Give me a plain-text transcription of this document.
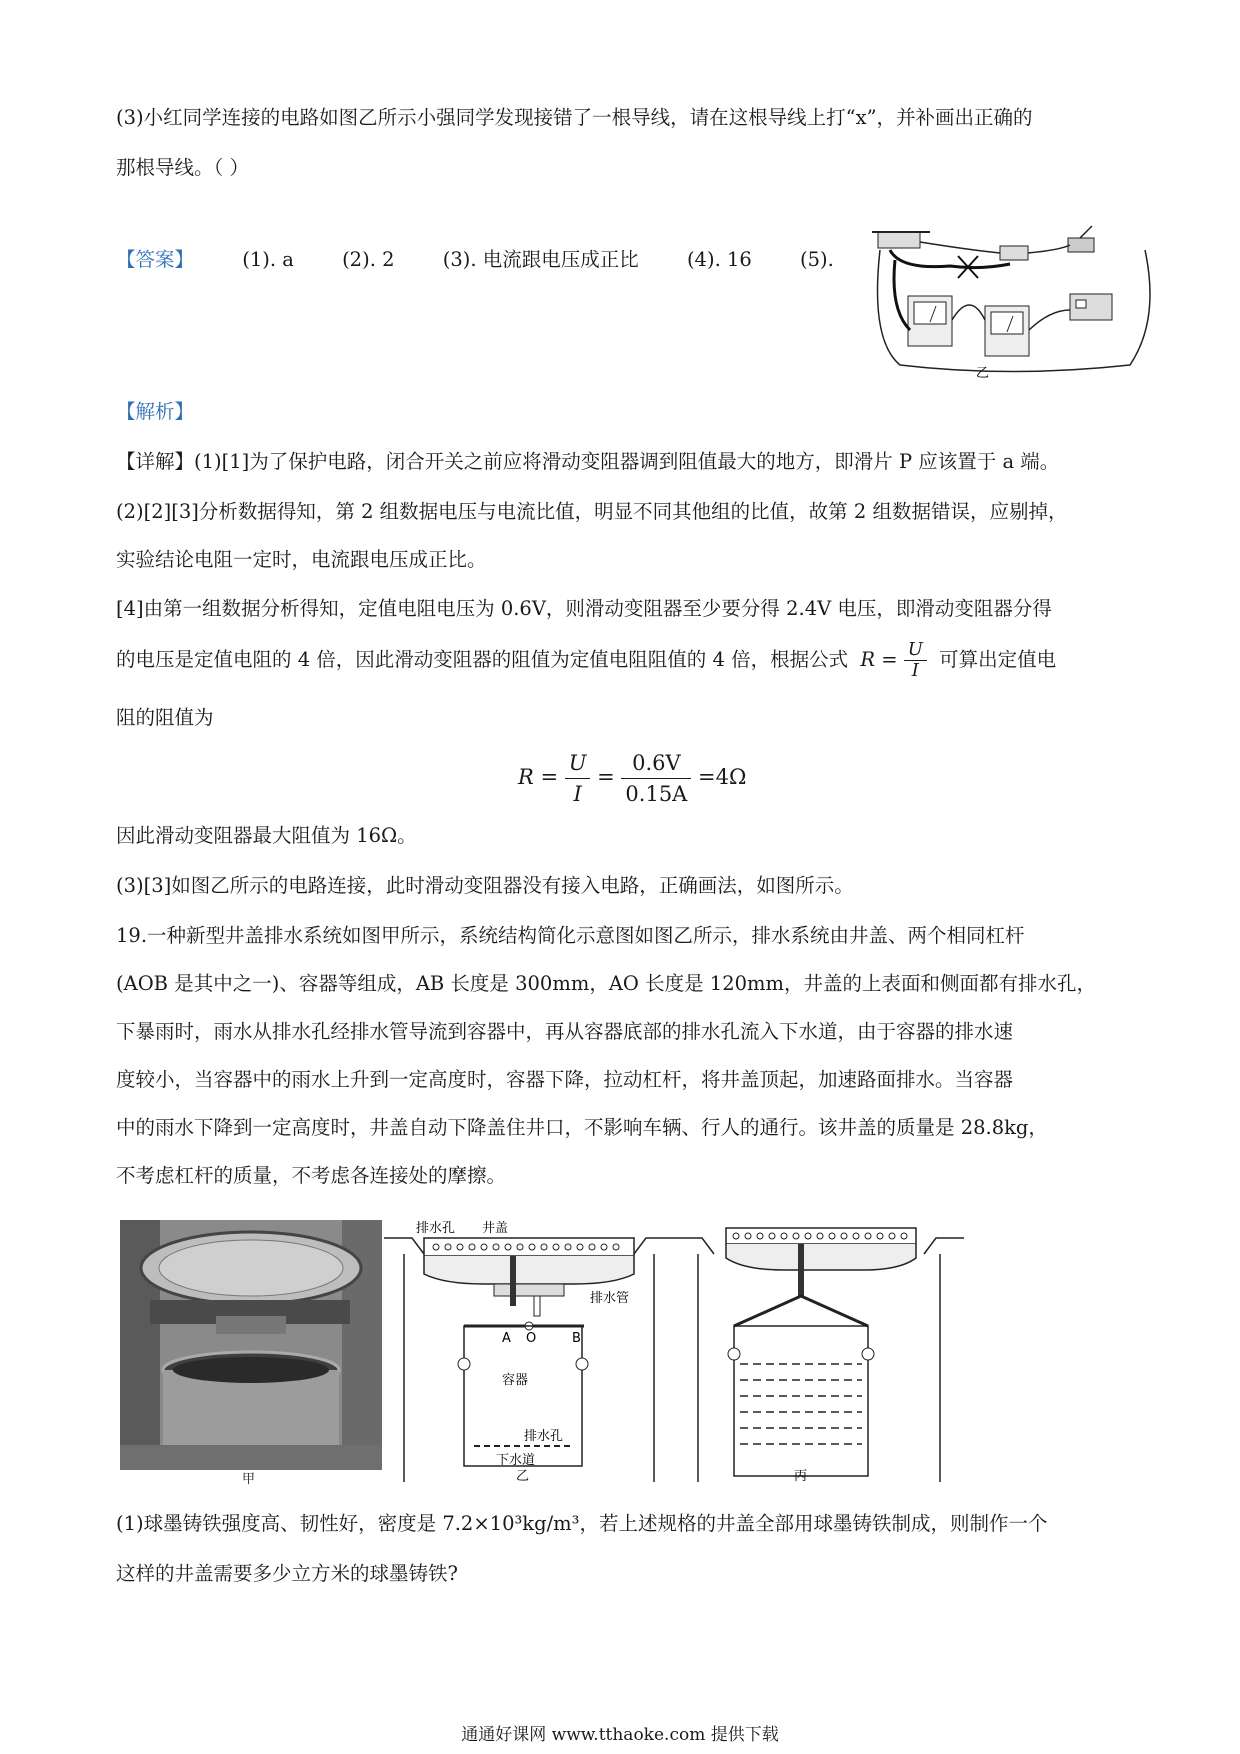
(3)小红同学连接的电路如图乙所示小强同学发现接错了一根导线，请在这根导线上打“x”，并补画出正确的
那根导线。（ ）
【答案】 (1). a (2). 2 (3). 电流跟电压成正比 (4). 16 (5).
乙
【解析】
【详解】(1)[1]为了保护电路，闭合开关之前应将滑动变阻器调到阻值最大的地方，即滑片 P 应该置于 a 端。
(2)[2][3]分析数据得知，第 2 组数据电压与电流比值，明显不同其他组的比值，故第 2 组数据错误，应剔掉，
实验结论电阻一定时，电流跟电压成正比。
[4]由第一组数据分析得知，定值电阻电压为 0.6V，则滑动变阻器至少要分得 2.4V 电压，即滑动变阻器分得
的电压是定值电阻的 4 倍，因此滑动变阻器的阻值为定值电阻阻值的 4 倍，根据公式 $R = \frac{U}{I}$ 可算出定值电
阻的阻值为
$R = \frac{U}{I} = \frac{0.6V}{0.15A} =4\Omega$
因此滑动变阻器最大阻值为 16Ω。
(3)[3]如图乙所示的电路连接，此时滑动变阻器没有接入电路，正确画法，如图所示。
19.一种新型井盖排水系统如图甲所示，系统结构简化示意图如图乙所示，排水系统由井盖、两个相同杠杆
(AOB 是其中之一)、容器等组成，AB 长度是 300mm，AO 长度是 120mm，井盖的上表面和侧面都有排水孔，
下暴雨时，雨水从排水孔经排水管导流到容器中，再从容器底部的排水孔流入下水道，由于容器的排水速
度较小，当容器中的雨水上升到一定高度时，容器下降，拉动杠杆，将井盖顶起，加速路面排水。当容器
中的雨水下降到一定高度时，井盖自动下降盖住井口，不影响车辆、行人的通行。该井盖的质量是 28.8kg，
不考虑杠杆的质量，不考虑各连接处的摩擦。
甲
排水孔 井盖
排水管
A O	B
容器
排水孔
下水道
乙	丙
(1)球墨铸铁强度高、韧性好，密度是 7.2×10³kg/m³，若上述规格的井盖全部用球墨铸铁制成，则制作一个
这样的井盖需要多少立方米的球墨铸铁?
通通好课网 www.tthaoke.com 提供下载
